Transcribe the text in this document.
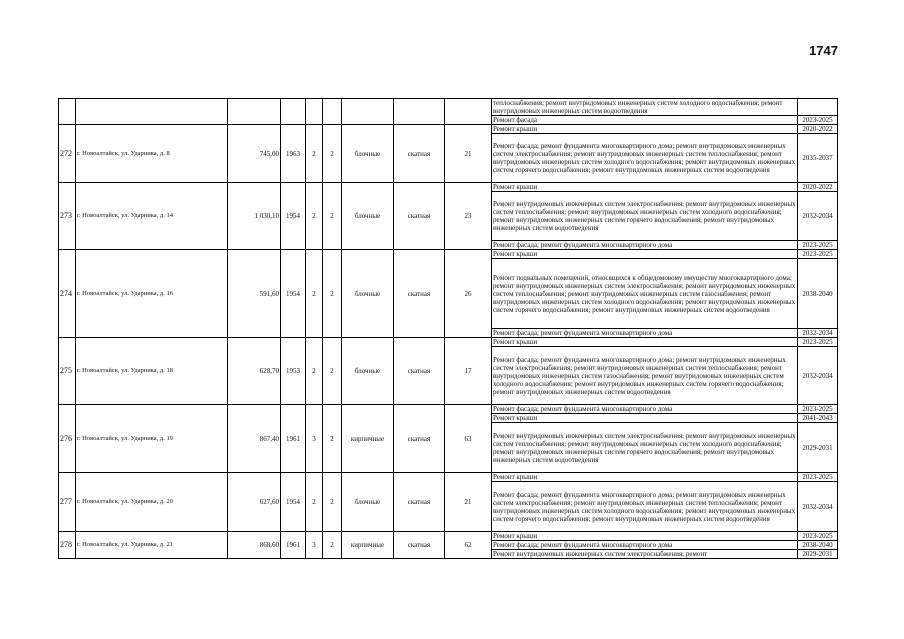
1747
									теплоснабжения; ремонт внутридомовых инженерных систем холодного водоснабжения; ремонт внутридомовых инженерных систем водоотведения	
									Ремонт фасада	2023-2025
272	г. Новоалтайск, ул. Ударника, д. 8	745,00	1963	2	2	блочные	скатная	21	Ремонт крыши	2020-2022
									Ремонт фасада; ремонт фундамента многоквартирного дома; ремонт внутридомовых инженерных систем электроснабжения; ремонт внутридомовых инженерных систем теплоснабжения; ремонт внутридомовых инженерных систем холодного водоснабжения; ремонт внутридомовых инженерных систем горячего водоснабжения; ремонт внутридомовых инженерных систем водоотведения	2035-2037
273	г. Новоалтайск, ул. Ударника, д. 14	1 030,10	1954	2	2	блочные	скатная	23	Ремонт крыши	2020-2022
									Ремонт внутридомовых инженерных систем электроснабжения; ремонт внутридомовых инженерных систем теплоснабжения; ремонт внутридомовых инженерных систем холодного водоснабжения; ремонт внутридомовых инженерных систем горячего водоснабжения; ремонт внутридомовых инженерных систем водоотведения	2032-2034
									Ремонт фасада; ремонт фундамента многоквартирного дома	2023-2025
274	г. Новоалтайск, ул. Ударника, д. 16	591,60	1954	2	2	блочные	скатная	26	Ремонт крыши	2023-2025
									Ремонт подвальных помещений, относящихся к общедомовому имуществу многоквартирного дома; ремонт внутридомовых инженерных систем электроснабжения; ремонт внутридомовых инженерных систем теплоснабжения; ремонт внутридомовых инженерных систем газоснабжения; ремонт внутридомовых инженерных систем холодного водоснабжения; ремонт внутридомовых инженерных систем горячего водоснабжения; ремонт внутридомовых инженерных систем водоотведения	2038-2040
									Ремонт фасада; ремонт фундамента многоквартирного дома	2032-2034
275	г. Новоалтайск, ул. Ударника, д. 18	628,70	1953	2	2	блочные	скатная	17	Ремонт крыши	2023-2025
									Ремонт фасада; ремонт фундамента многоквартирного дома; ремонт внутридомовых инженерных систем электроснабжения; ремонт внутридомовых инженерных систем теплоснабжения; ремонт внутридомовых инженерных систем газоснабжения; ремонт внутридомовых инженерных систем холодного водоснабжения; ремонт внутридомовых инженерных систем горячего водоснабжения; ремонт внутридомовых инженерных систем водоотведения	2032-2034
276	г. Новоалтайск, ул. Ударника, д. 19	867,40	1961	3	2	кирпичные	скатная	63	Ремонт фасада; ремонт фундамента многоквартирного дома	2023-2025
									Ремонт крыши	2041-2043
									Ремонт внутридомовых инженерных систем электроснабжения; ремонт внутридомовых инженерных систем теплоснабжения; ремонт внутридомовых инженерных систем холодного водоснабжения; ремонт внутридомовых инженерных систем горячего водоснабжения; ремонт внутридомовых инженерных систем водоотведения	2029-2031
277	г. Новоалтайск, ул. Ударника, д. 20	627,60	1954	2	2	блочные	скатная	21	Ремонт крыши	2023-2025
									Ремонт фасада; ремонт фундамента многоквартирного дома; ремонт внутридомовых инженерных систем электроснабжения; ремонт внутридомовых инженерных систем теплоснабжения; ремонт внутридомовых инженерных систем холодного водоснабжения; ремонт внутридомовых инженерных систем горячего водоснабжения; ремонт внутридомовых инженерных систем водоотведения	2032-2034
278	г. Новоалтайск, ул. Ударника, д. 21	868,60	1961	3	2	кирпичные	скатная	62	Ремонт крыши	2023-2025
									Ремонт фасада; ремонт фундамента многоквартирного дома	2038-2040
									Ремонт внутридомовых инженерных систем электроснабжения; ремонт	2029-2031
